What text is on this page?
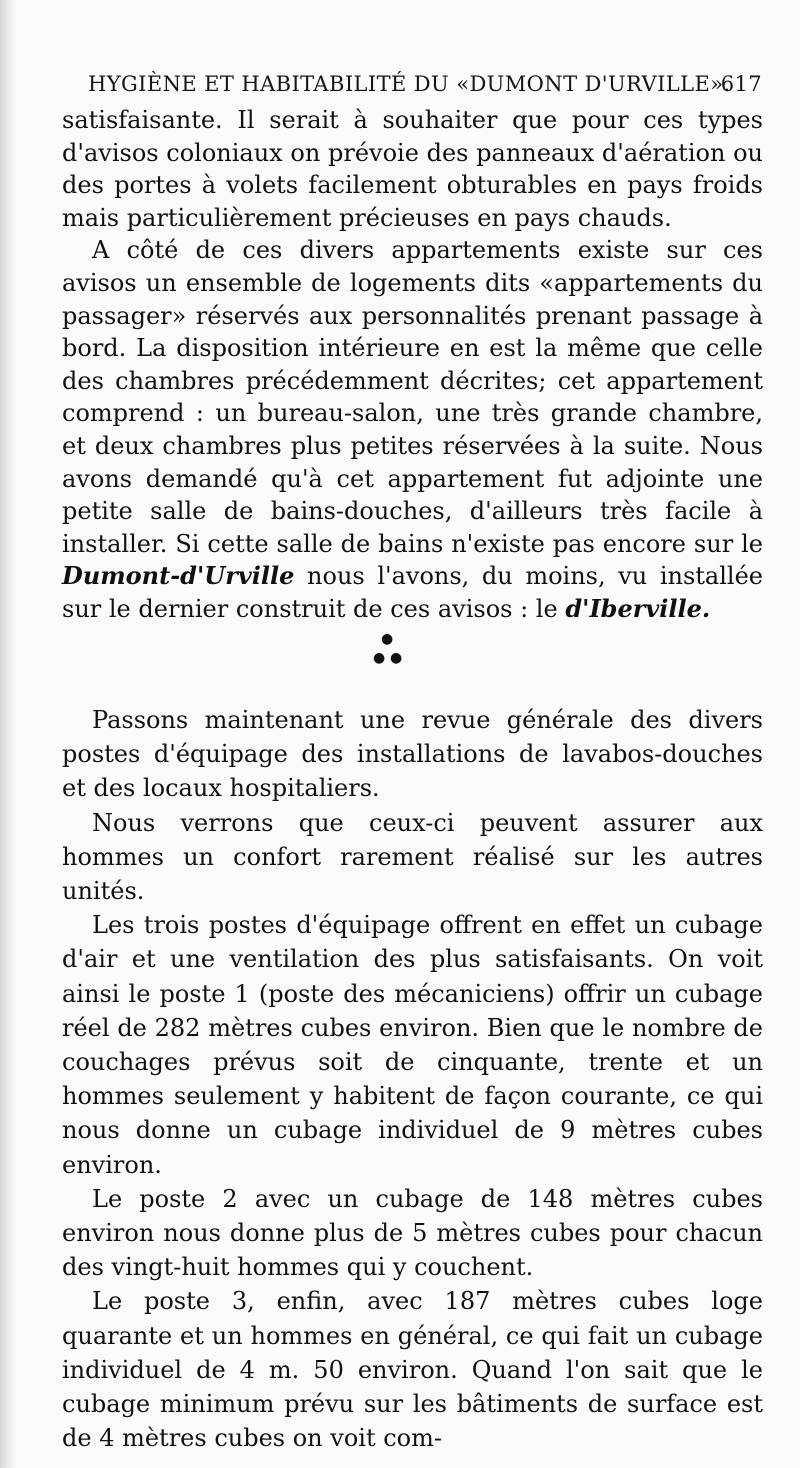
HYGIÈNE ET HABITABILITÉ DU «DUMONT D'URVILLE».
617

satisfaisante. Il serait à souhaiter que pour ces types d'avisos coloniaux on prévoie des panneaux d'aération ou des portes à volets facilement obturables en pays froids mais particulièrement précieuses en pays chauds.

A côté de ces divers appartements existe sur ces avisos un ensemble de logements dits «appartements du passager» réservés aux personnalités prenant passage à bord. La disposition intérieure en est la même que celle des chambres précédemment décrites; cet appartement comprend : un bureau-salon, une très grande chambre, et deux chambres plus petites réservées à la suite. Nous avons demandé qu'à cet appartement fut adjointe une petite salle de bains-douches, d'ailleurs très facile à installer. Si cette salle de bains n'existe pas encore sur le Dumont-d'Urville nous l'avons, du moins, vu installée sur le dernier construit de ces avisos : le d'Iberville.

●
● ●

Passons maintenant une revue générale des divers postes d'équipage des installations de lavabos-douches et des locaux hospitaliers.

Nous verrons que ceux-ci peuvent assurer aux hommes un confort rarement réalisé sur les autres unités.

Les trois postes d'équipage offrent en effet un cubage d'air et une ventilation des plus satisfaisants. On voit ainsi le poste 1 (poste des mécaniciens) offrir un cubage réel de 282 mètres cubes environ. Bien que le nombre de couchages prévus soit de cinquante, trente et un hommes seulement y habitent de façon courante, ce qui nous donne un cubage individuel de 9 mètres cubes environ.

Le poste 2 avec un cubage de 148 mètres cubes environ nous donne plus de 5 mètres cubes pour chacun des vingt-huit hommes qui y couchent.

Le poste 3, enfin, avec 187 mètres cubes loge quarante et un hommes en général, ce qui fait un cubage individuel de 4 m. 50 environ. Quand l'on sait que le cubage minimum prévu sur les bâtiments de surface est de 4 mètres cubes on voit com-
